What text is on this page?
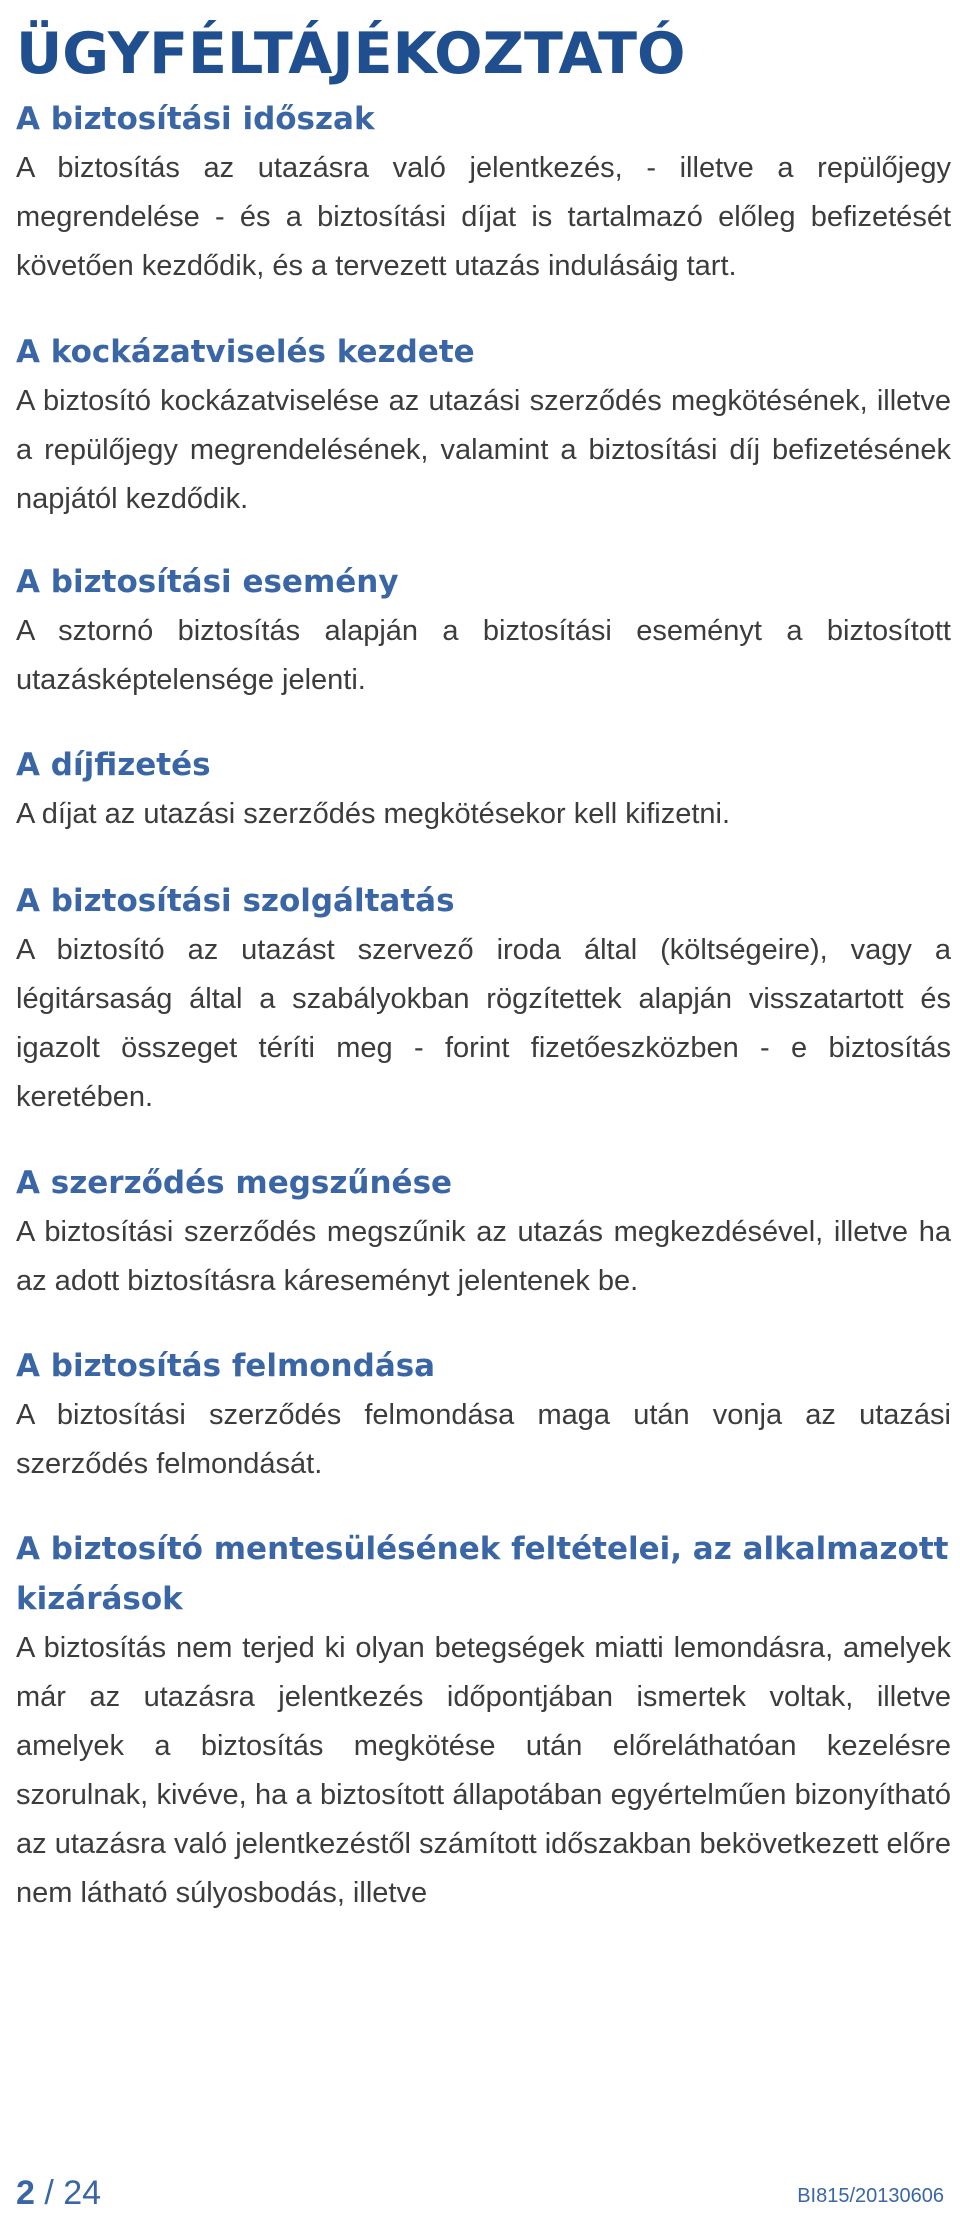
ÜGYFÉLTÁJÉKOZTATÓ
A biztosítási időszak

A biztosítás az utazásra való jelentkezés, - illetve a repülőjegy megrendelése - és a biztosítási díjat is tartalmazó előleg befizetését követően kezdődik, és a tervezett utazás indulásáig tart.

A kockázatviselés kezdete

A biztosító kockázatviselése az utazási szerződés megkötésének, illetve a repülőjegy megrendelésének, valamint a biztosítási díj befizetésének napjától kezdődik.

A biztosítási esemény

A sztornó biztosítás alapján a biztosítási eseményt a biztosított utazásképtelensége jelenti.

A díjfizetés

A díjat az utazási szerződés megkötésekor kell kifizetni.

A biztosítási szolgáltatás

A biztosító az utazást szervező iroda által (költségeire), vagy a légitársaság által a szabályokban rögzítettek alapján visszatartott és igazolt összeget téríti meg - forint fizetőeszközben - e biztosítás keretében.

A szerződés megszűnése

A biztosítási szerződés megszűnik az utazás megkezdésével, illetve ha az adott biztosításra káreseményt jelentenek be.

A biztosítás felmondása

A biztosítási szerződés felmondása maga után vonja az utazási szerződés felmondását.

A biztosító mentesülésének feltételei, az alkalmazott kizárások

A biztosítás nem terjed ki olyan betegségek miatti lemondásra, amelyek már az utazásra jelentkezés időpontjában ismertek voltak, illetve amelyek a biztosítás megkötése után előreláthatóan kezelésre szorulnak, kivéve, ha a biztosított állapotában egyértelműen bizonyítható az utazásra való jelentkezéstől számított időszakban bekövetkezett előre nem látható súlyosbodás, illetve

2 / 24	BI815/20130606
